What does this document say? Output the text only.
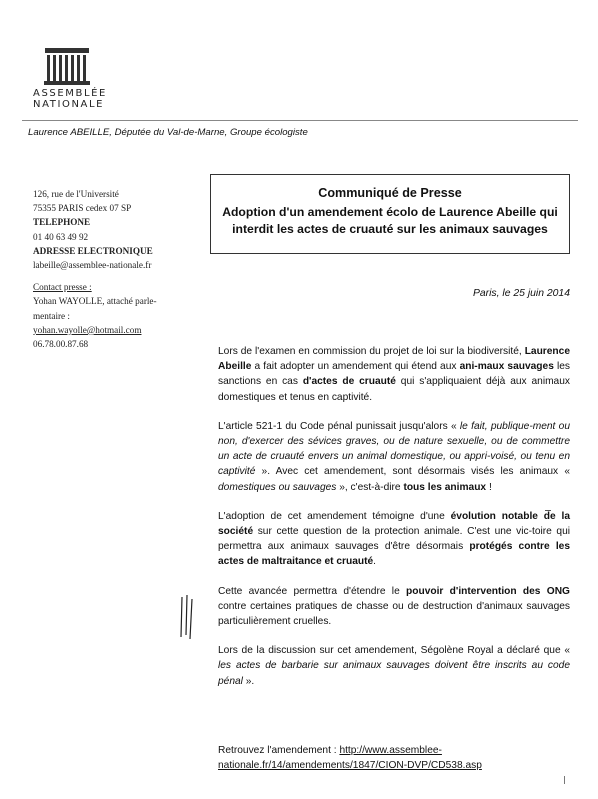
ASSEMBLÉE NATIONALE
Laurence ABEILLE, Députée du Val-de-Marne, Groupe écologiste
126, rue de l'Université
75355 PARIS cedex 07 SP
TELEPHONE
01 40 63 49 92
ADRESSE ELECTRONIQUE
labeille@assemblee-nationale.fr
Contact presse :
Yohan WAYOLLE, attaché parle-
mentaire :
yohan.wayolle@hotmail.com
06.78.00.87.68
Communiqué de Presse
Adoption d'un amendement écolo de Laurence Abeille qui
interdit les actes de cruauté sur les animaux sauvages
Paris, le 25 juin 2014

Lors de l'examen en commission du projet de loi sur la biodiversité, Laurence Abeille a fait adopter un amendement qui étend aux ani-maux sauvages les sanctions en cas d'actes de cruauté qui s'appliquaient déjà aux animaux domestiques et tenus en captivité.

L'article 521-1 du Code pénal punissait jusqu'alors « le fait, publique-ment ou non, d'exercer des sévices graves, ou de nature sexuelle, ou de commettre un acte de cruauté envers un animal domestique, ou appri-voisé, ou tenu en captivité ». Avec cet amendement, sont désormais visés les animaux « domestiques ou sauvages », c'est-à-dire tous les animaux !

L'adoption de cet amendement témoigne d'une évolution notable de la société sur cette question de la protection animale. C'est une vic-toire qui permettra aux animaux sauvages d'être désormais protégés contre les actes de maltraitance et cruauté.

Cette avancée permettra d'étendre le pouvoir d'intervention des ONG contre certaines pratiques de chasse ou de destruction d'animaux sauvages particulièrement cruelles.

Lors de la discussion sur cet amendement, Ségolène Royal a déclaré que « les actes de barbarie sur animaux sauvages doivent être inscrits au code pénal ».

Retrouvez l'amendement : http://www.assemblee-nationale.fr/14/amendements/1847/CION-DVP/CD538.asp
